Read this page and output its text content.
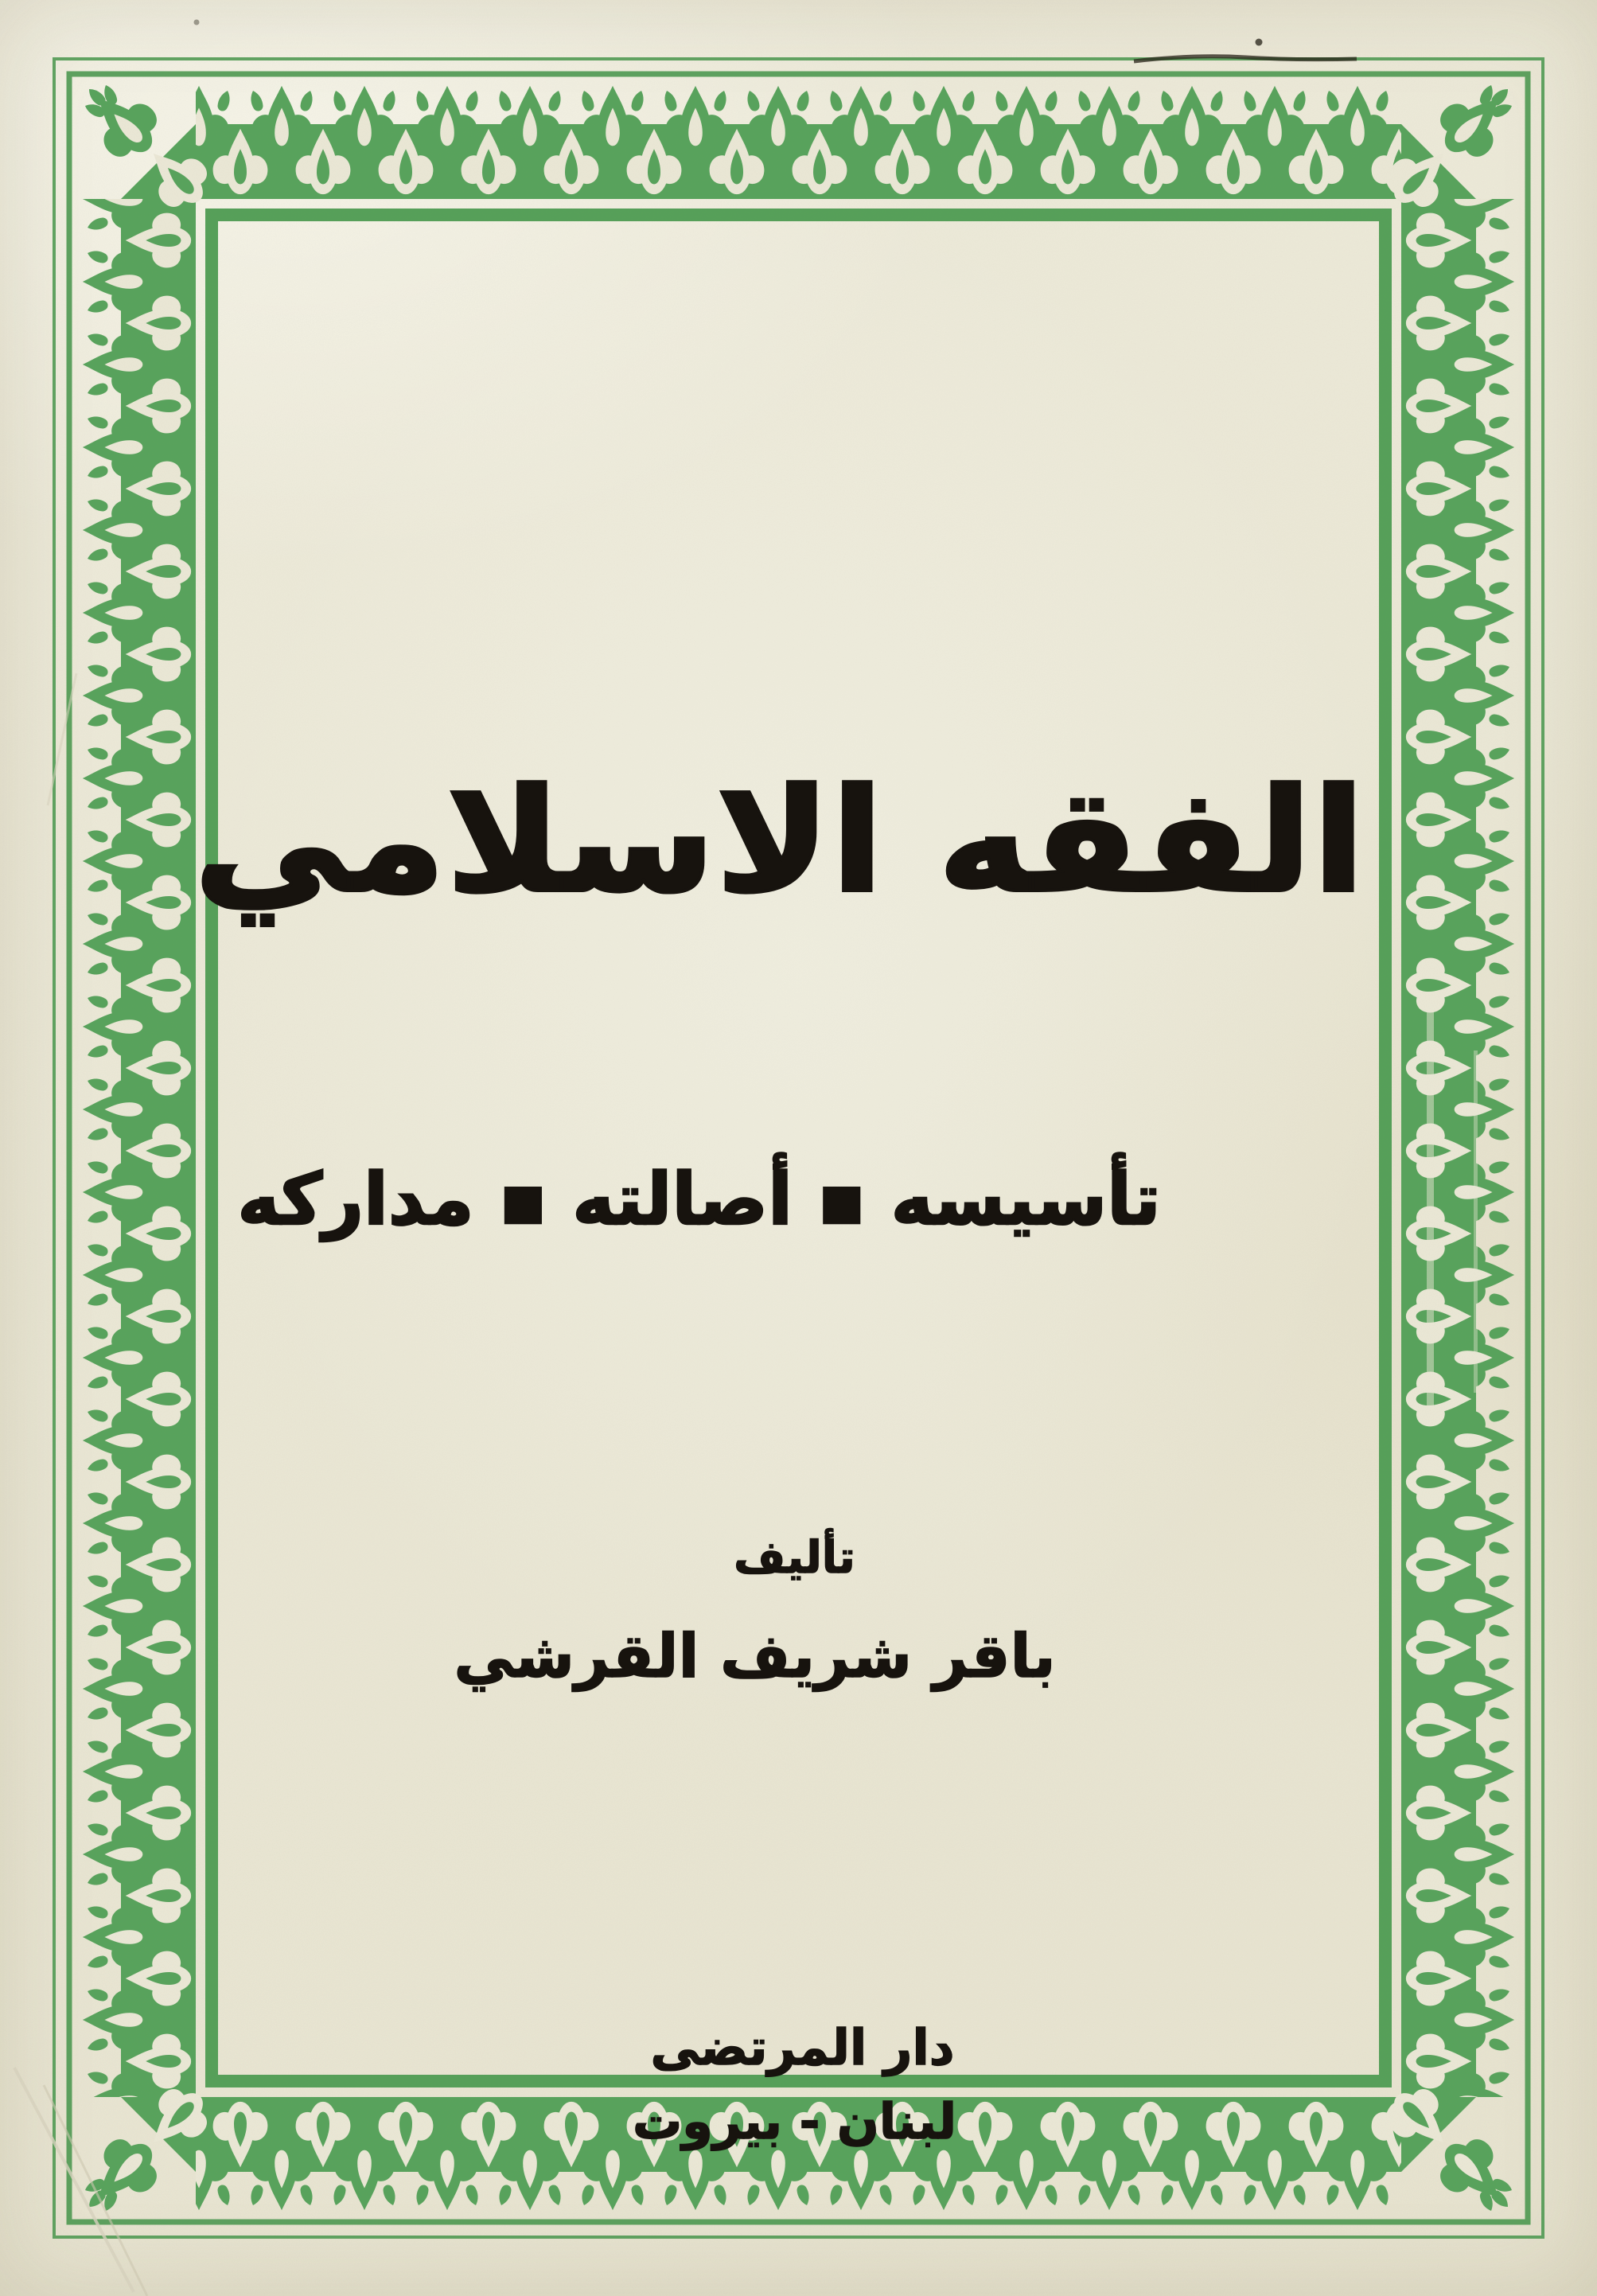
الفقه الاسلامي
تأسيسه ▪ أصالته ▪ مداركه
تأليف
باقر شريف القرشي
دار المرتضى
لبنان - بيروت
